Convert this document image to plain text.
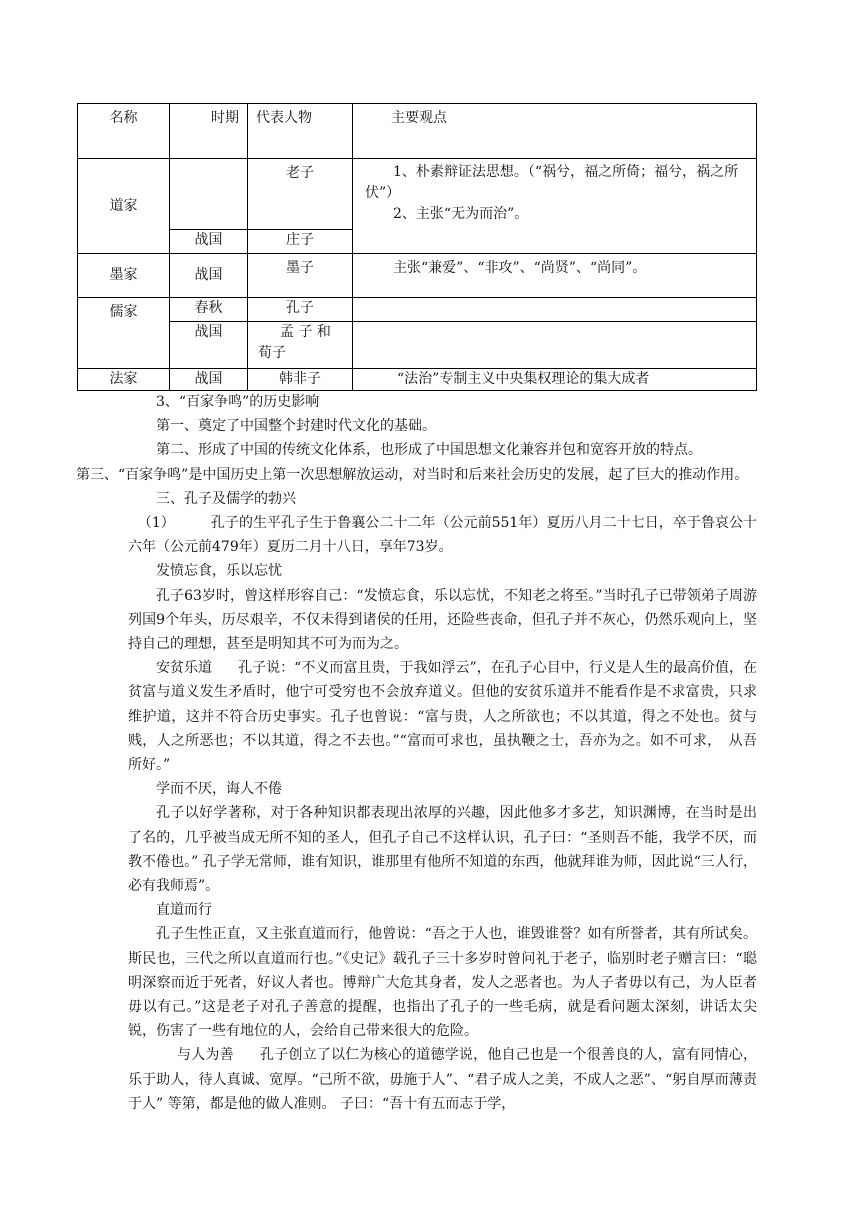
名称	时期	代表人物	主要观点
道家		老子	1、朴素辩证法思想。（“祸兮，福之所倚；福兮，祸之所伏”）
2、主张“无为而治”。

	战国	庄子	
墨家	战国	墨子	主张“兼爱”、“非攻”、“尚贤”、“尚同”。
儒家	春秋	孔子	
	战国	孟 子 和
荀子	

法家	战国	韩非子	“法治”专制主义中央集权理论的集大成者

3、“百家争鸣”的历史影响

第一、奠定了中国整个封建时代文化的基础。

第二、形成了中国的传统文化体系，也形成了中国思想文化兼容并包和宽容开放的特点。

第三、“百家争鸣”是中国历史上第一次思想解放运动，对当时和后来社会历史的发展，起了巨大的推动作用。

三、孔子及儒学的勃兴

（1）	孔子的生平孔子生于鲁襄公二十二年（公元前551年）夏历八月二十七日，卒于鲁哀公十六年（公元前479年）夏历二月十八日，享年73岁。

发愤忘食，乐以忘忧

孔子63岁时，曾这样形容自己：“发愤忘食，乐以忘忧，不知老之将至。”当时孔子已带领弟子周游列国9个年头，历尽艰辛，不仅未得到诸侯的任用，还险些丧命，但孔子并不灰心，仍然乐观向上，坚持自己的理想，甚至是明知其不可为而为之。

安贫乐道 孔子说：“不义而富且贵，于我如浮云”，在孔子心目中，行义是人生的最高价值，在贫富与道义发生矛盾时，他宁可受穷也不会放弃道义。但他的安贫乐道并不能看作是不求富贵，只求维护道，这并不符合历史事实。孔子也曾说：“富与贵，人之所欲也；不以其道，得之不处也。贫与贱，人之所恶也；不以其道，得之不去也。”“富而可求也，虽执鞭之士，吾亦为之。如不可求，　从吾所好。”

学而不厌，诲人不倦

孔子以好学著称，对于各种知识都表现出浓厚的兴趣，因此他多才多艺，知识渊博，在当时是出了名的，几乎被当成无所不知的圣人，但孔子自己不这样认识，孔子曰：“圣则吾不能，我学不厌，而教不倦也。” 孔子学无常师，谁有知识，谁那里有他所不知道的东西，他就拜谁为师，因此说“三人行，必有我师焉”。

直道而行

孔子生性正直，又主张直道而行，他曾说：“吾之于人也，谁毁谁誉？如有所誉者，其有所试矣。斯民也，三代之所以直道而行也。”《史记》载孔子三十多岁时曾问礼于老子，临别时老子赠言曰：“聪明深察而近于死者，好议人者也。博辩广大危其身者，发人之恶者也。为人子者毋以有己，为人臣者毋以有己。”这是老子对孔子善意的提醒，也指出了孔子的一些毛病，就是看问题太深刻，讲话太尖锐，伤害了一些有地位的人，会给自己带来很大的危险。

与人为善 孔子创立了以仁为核心的道德学说，他自己也是一个很善良的人，富有同情心，乐于助人，待人真诚、宽厚。“己所不欲，毋施于人”、“君子成人之美，不成人之恶”、“躬自厚而薄责于人” 等第，都是他的做人准则。 子曰：“吾十有五而志于学，
